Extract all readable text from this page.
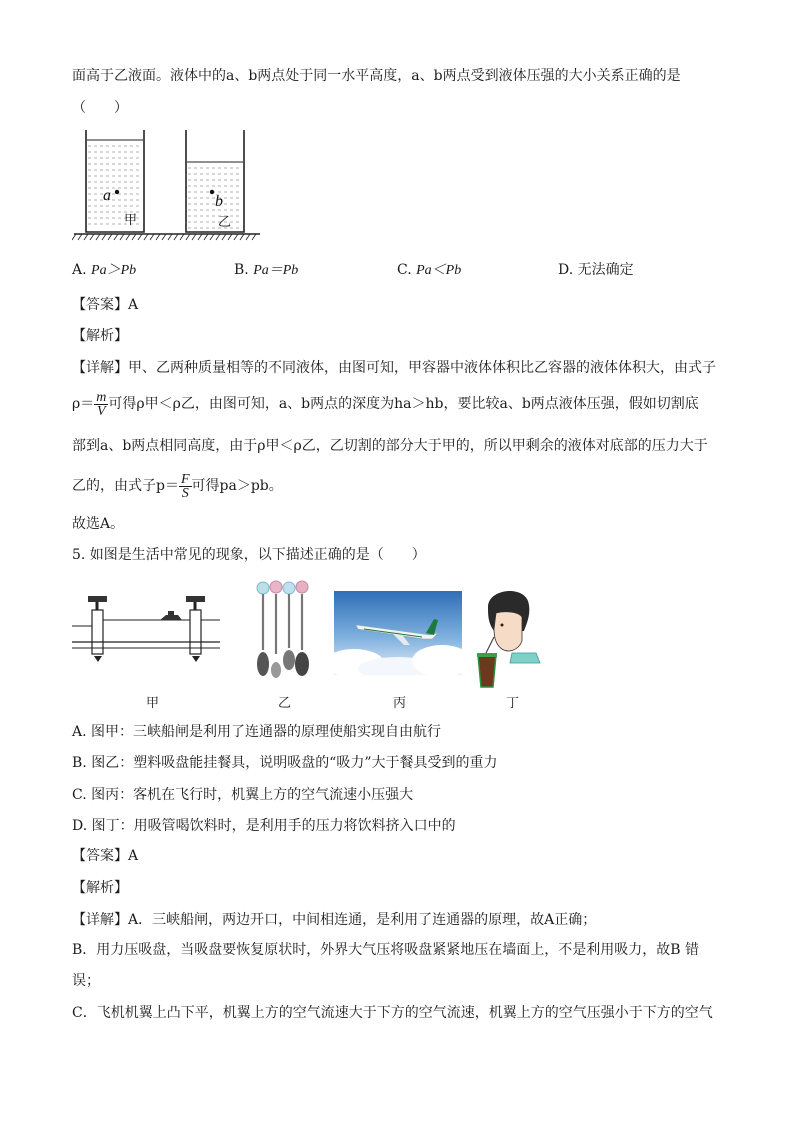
面高于乙液面。液体中的a、b两点处于同一水平高度，a、b两点受到液体压强的大小关系正确的是
（　　）
a
甲
b
乙
A. Pa＞Pb	B. Pa＝Pb	C. Pa＜Pb	D. 无法确定
【答案】A
【解析】
【详解】甲、乙两种质量相等的不同液体，由图可知，甲容器中液体体积比乙容器的液体体积大，由式子
$\rho= \frac{m}{V}$ 可得ρ甲＜ρ乙，由图可知，a、b两点的深度为ha＞hb，要比较a、b两点液体压强，假如切割底
部到a、b两点相同高度，由于ρ甲＜ρ乙，乙切割的部分大于甲的，所以甲剩余的液体对底部的压力大于
乙的，由式子$p= \frac{F}{S}$ 可得pa＞pb。
故选A。
5. 如图是生活中常见的现象，以下描述正确的是（　　）
甲	乙	丙	丁
A. 图甲：三峡船闸是利用了连通器的原理使船实现自由航行
B. 图乙：塑料吸盘能挂餐具，说明吸盘的“吸力”大于餐具受到的重力
C. 图丙：客机在飞行时，机翼上方的空气流速小压强大
D. 图丁：用吸管喝饮料时，是利用手的压力将饮料挤入口中的
【答案】A
【解析】
【详解】A．三峡船闸，两边开口，中间相连通，是利用了连通器的原理，故A正确；
B．用力压吸盘，当吸盘要恢复原状时，外界大气压将吸盘紧紧地压在墙面上，不是利用吸力，故B 错
误；
C．飞机机翼上凸下平，机翼上方的空气流速大于下方的空气流速，机翼上方的空气压强小于下方的空气
